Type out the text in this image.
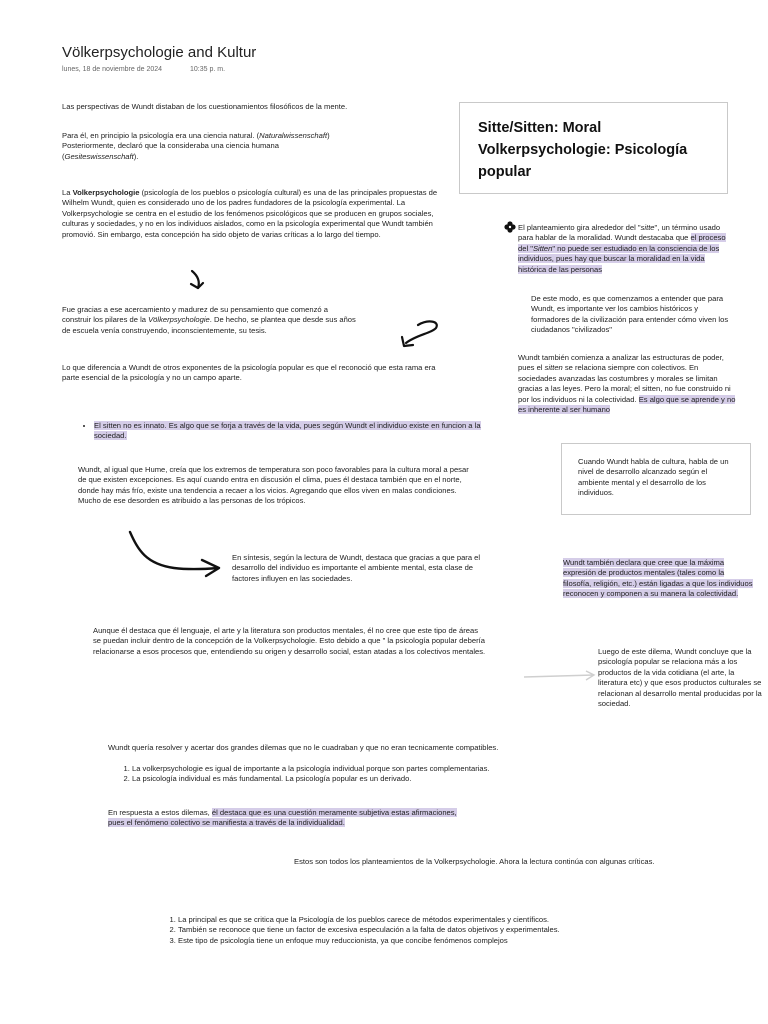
Völkerpsychologie and Kultur
lunes, 18 de noviembre de 2024	10:35 p. m.
Las perspectivas de Wundt distaban de los cuestionamientos filosóficos de la mente.
Para él, en principio la psicología era una ciencia natural. (Naturalwissenschaft)
Posteriormente, declaró que la consideraba una ciencia humana
(Gesiteswissenschaft).
La Volkerpsychologie (psicología de los pueblos o psicología cultural) es una de las principales propuestas de Wilhelm Wundt, quien es considerado uno de los padres fundadores de la psicología experimental. La Volkerpsychologie se centra en el estudio de los fenómenos psicológicos que se producen en grupos sociales, culturas y sociedades, y no en los individuos aislados, como en la psicología experimental que Wundt también promovió. Sin embargo, esta concepción ha sido objeto de varias críticas a lo largo del tiempo.
Fue gracias a ese acercamiento y madurez de su pensamiento que comenzó a construir los pilares de la Völkerpsychologie. De hecho, se plantea que desde sus años de escuela venía construyendo, inconscientemente, su tesis.
Lo que diferencia a Wundt de otros exponentes de la psicología popular es que el reconoció que esta rama era parte esencial de la psicología y no un campo aparte.
• El sitten no es innato. Es algo que se forja a través de la vida, pues según Wundt el individuo existe en funcion a la sociedad.
Wundt, al igual que Hume, creía que los extremos de temperatura son poco favorables para la cultura moral a pesar de que existen excepciones. Es aquí cuando entra en discusión el clima, pues él destaca también que en el norte, donde hay más frío, existe una tendencia a recaer a los vicios. Agregando que ellos viven en malas condiciones. Mucho de ese desorden es atribuido a las personas de los trópicos.
En síntesis, según la lectura de Wundt, destaca que gracias a que para el desarrollo del individuo es importante el ambiente mental, esta clase de factores influyen en las sociedades.
Aunque él destaca que él lenguaje, el arte y la literatura son productos mentales, él no cree que este tipo de áreas se puedan incluir dentro de la concepción de la Volkerpsychologie. Esto debido a que " la psicología popular debería relacionarse a esos procesos que, entendiendo su origen y desarrollo social, estan atadas a los colectivos mentales.
Wundt quería resolver y acertar dos grandes dilemas que no le cuadraban y que no eran tecnicamente compatibles.
1. La volkerpsychologie es igual de importante a la psicología individual porque son partes complementarias.
2. La psicología individual es más fundamental. La psicología popular es un derivado.
En respuesta a estos dilemas, él destaca que es una cuestión meramente subjetiva estas afirmaciones,
pues el fenómeno colectivo se manifiesta a través de la individualidad.
Sitte/Sitten: Moral Volkerpsychologie: Psicología popular
El planteamiento gira alrededor del "sitte", un término usado para hablar de la moralidad. Wundt destacaba que el proceso del "Sitten" no puede ser estudiado en la consciencia de los individuos, pues hay que buscar la moralidad en la vida histórica de las personas
De este modo, es que comenzamos a entender que para Wundt, es importante ver los cambios históricos y formadores de la civilización para entender cómo viven los ciudadanos "civilizados"
Wundt también comienza a analizar las estructuras de poder, pues el sitten se relaciona siempre con colectivos. En sociedades avanzadas las costumbres y morales se limitan gracias a las leyes. Pero la moral; el sitten, no fue construido ni por los individuos ni la colectividad. Es algo que se aprende y no es inherente al ser humano
Cuando Wundt habla de cultura, habla de un nivel de desarrollo alcanzado según el ambiente mental y el desarrollo de los individuos.
Wundt también declara que cree que la máxima expresión de productos mentales (tales como la filosofía, religión, etc.) están ligadas a que los individuos reconocen y componen a su manera la colectividad.
Luego de este dilema, Wundt concluye que la psicología popular se relaciona más a los productos de la vida cotidiana (el arte, la literatura etc) y que esos productos culturales se relacionan al desarrollo mental producidas por la sociedad.
Estos son todos los planteamientos de la Volkerpsychologie. Ahora la lectura continúa con algunas críticas.
1. La principal es que se critica que la Psicología de los pueblos carece de métodos experimentales y científicos.
2. También se reconoce que tiene un factor de excesiva especulación a la falta de datos objetivos y experimentales.
3. Este tipo de psicología tiene un enfoque muy reduccionista, ya que concibe fenómenos complejos
